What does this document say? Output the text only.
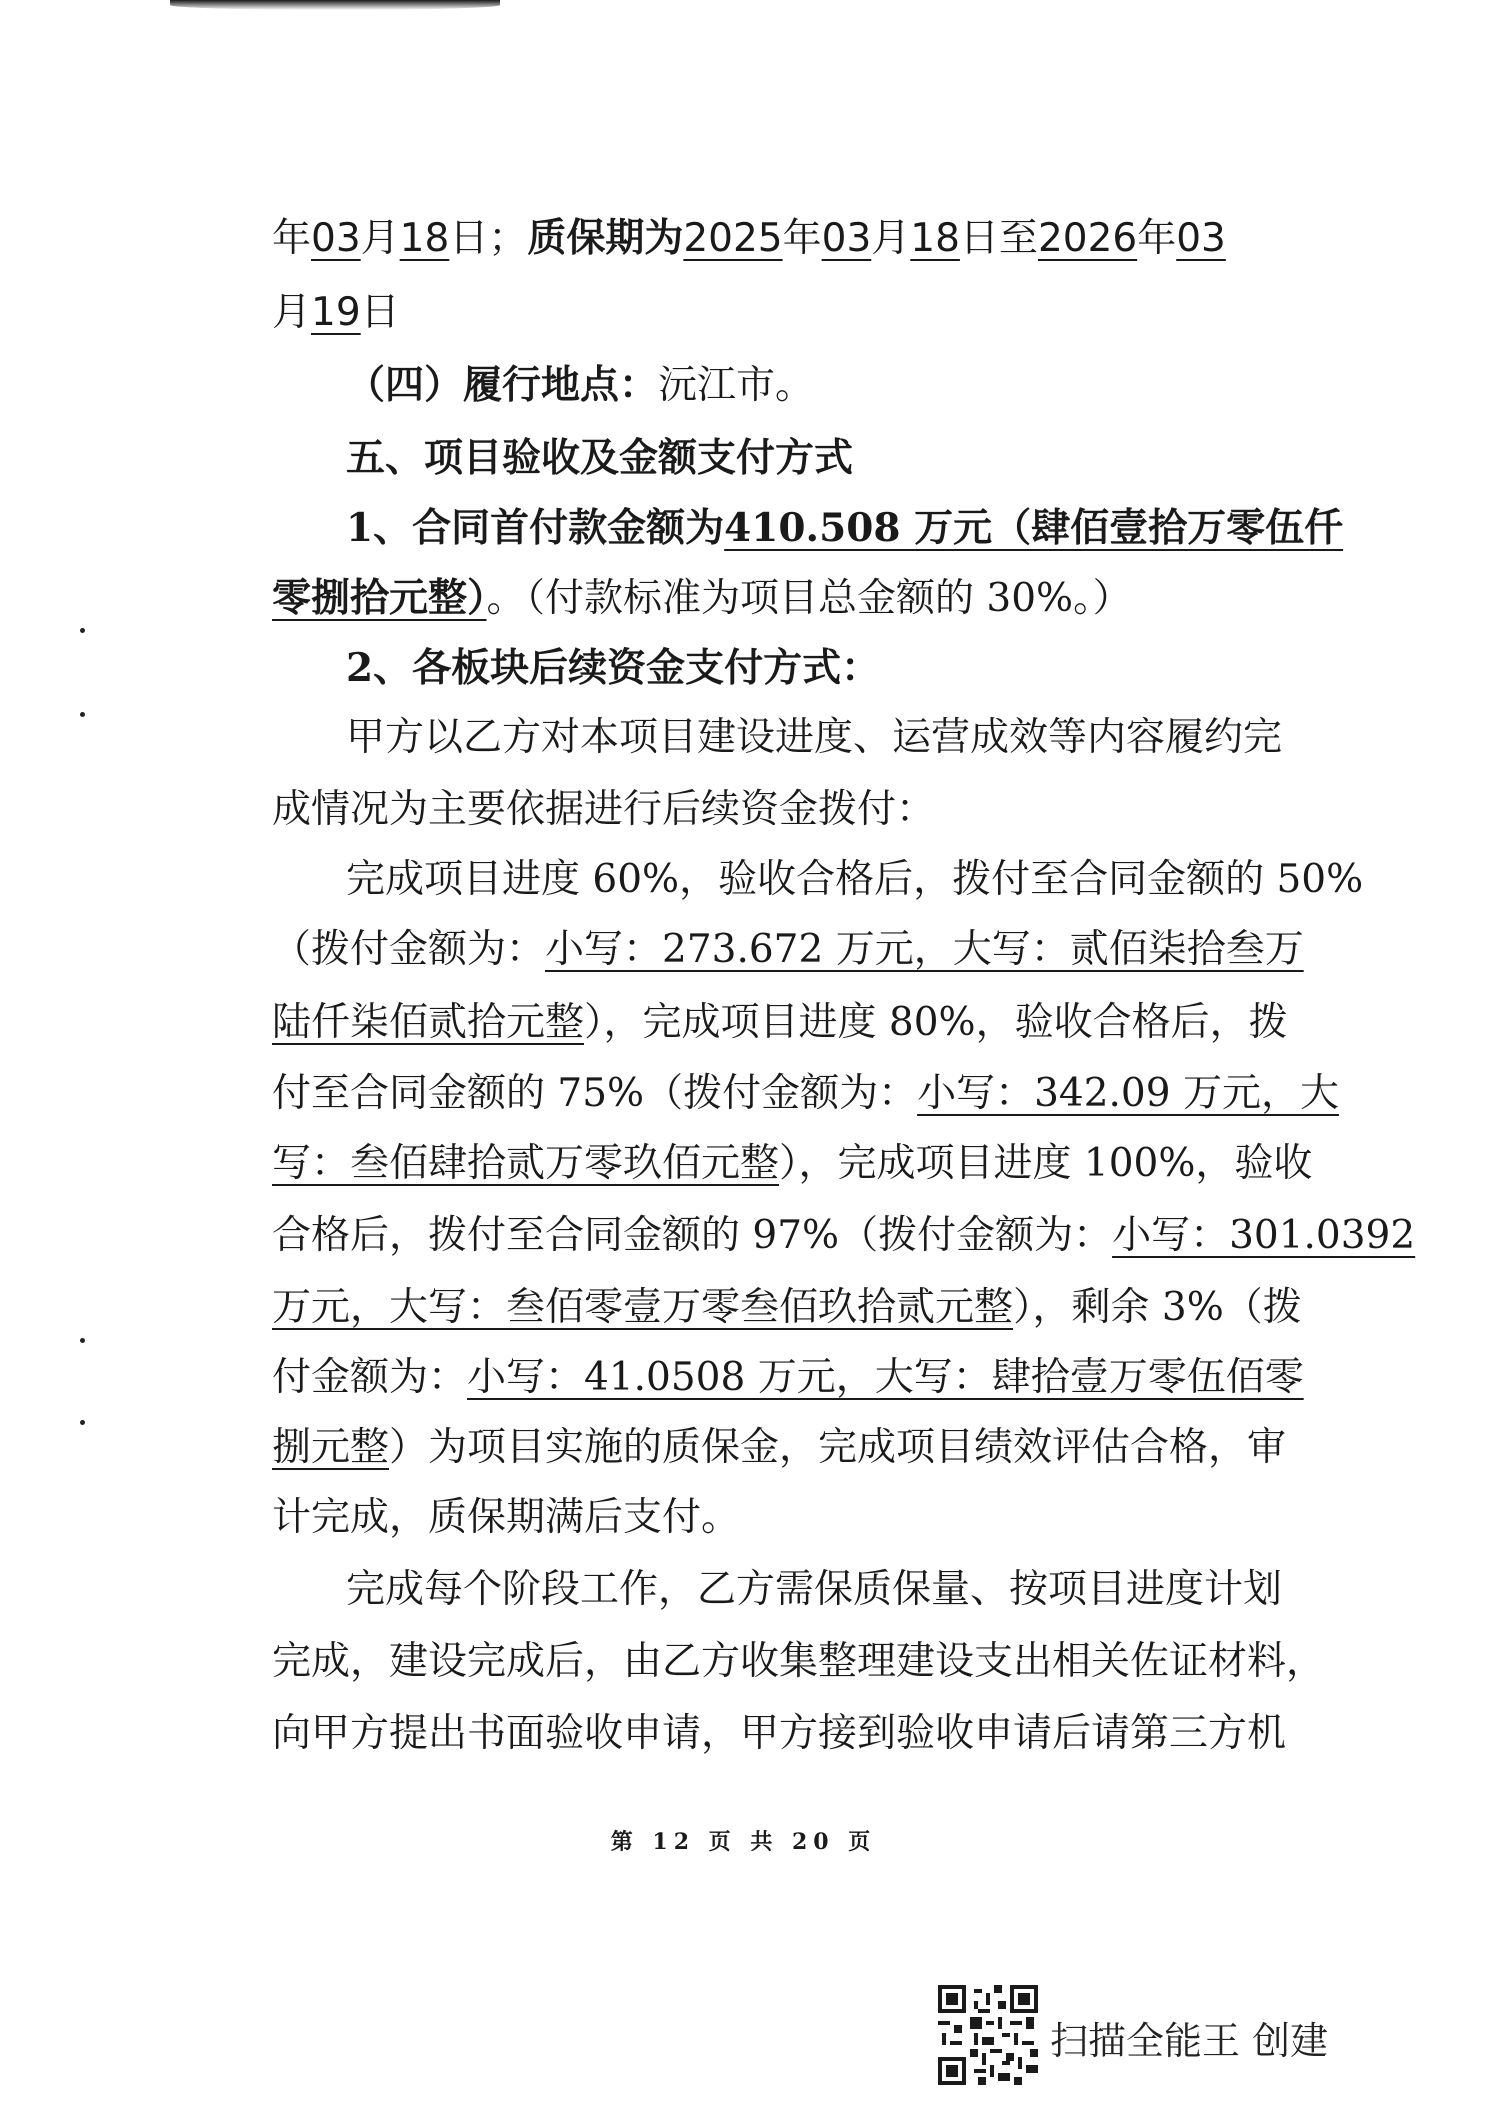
年03月18日；质保期为2025年03月18日至2026年03
月19日
（四）履行地点：沅江市。
五、项目验收及金额支付方式
1、合同首付款金额为410.508 万元（肆佰壹拾万零伍仟
零捌拾元整）。（付款标准为项目总金额的 30%。）
2、各板块后续资金支付方式：
甲方以乙方对本项目建设进度、运营成效等内容履约完
成情况为主要依据进行后续资金拨付：
完成项目进度 60%，验收合格后，拨付至合同金额的 50%
（拨付金额为：小写：273.672 万元，大写：贰佰柒拾叁万
陆仟柒佰贰拾元整），完成项目进度 80%，验收合格后，拨
付至合同金额的 75%（拨付金额为：小写：342.09 万元，大
写：叁佰肆拾贰万零玖佰元整），完成项目进度 100%，验收
合格后，拨付至合同金额的 97%（拨付金额为：小写：301.0392
万元，大写：叁佰零壹万零叁佰玖拾贰元整），剩余 3%（拨
付金额为：小写：41.0508 万元，大写：肆拾壹万零伍佰零
捌元整）为项目实施的质保金，完成项目绩效评估合格，审
计完成，质保期满后支付。
完成每个阶段工作，乙方需保质保量、按项目进度计划
完成，建设完成后，由乙方收集整理建设支出相关佐证材料，
向甲方提出书面验收申请，甲方接到验收申请后请第三方机
第 12 页 共 20 页
扫描全能王 创建
